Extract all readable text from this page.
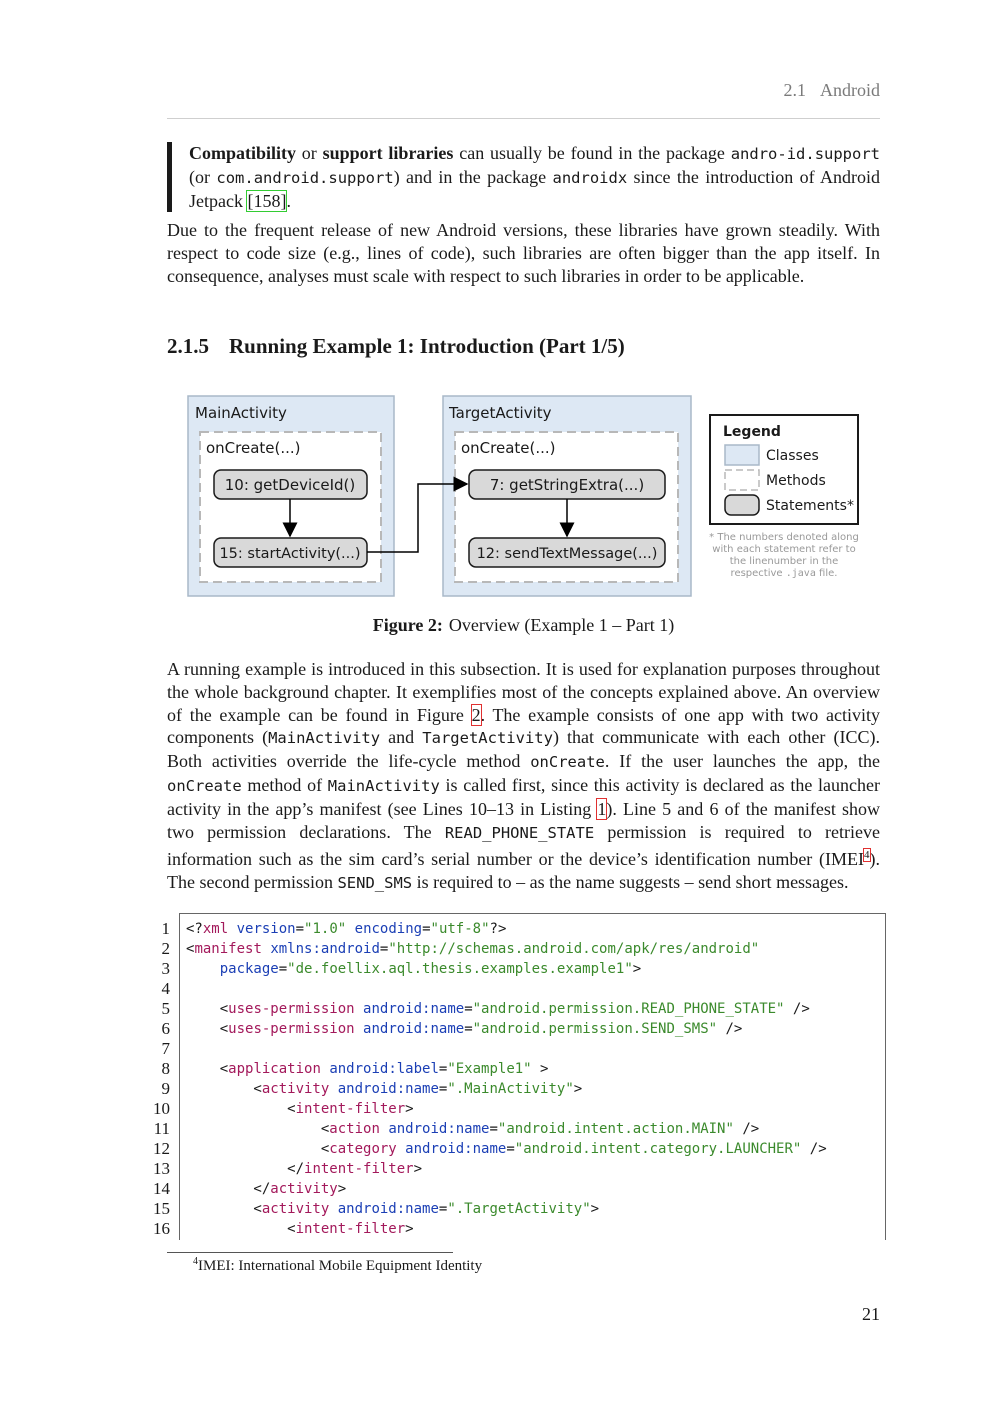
2.1 Android
Compatibility or support libraries can usually be found in the package andro-id.support (or com.android.support) and in the package androidx since the introduction of Android Jetpack [158].
Due to the frequent release of new Android versions, these libraries have grown steadily. With respect to code size (e.g., lines of code), such libraries are often bigger than the app itself. In consequence, analyses must scale with respect to such libraries in order to be applicable.
2.1.5 Running Example 1: Introduction (Part 1/5)
MainActivity
onCreate(...)
10: getDeviceId()
15: startActivity(...)
TargetActivity
onCreate(...)
7: getStringExtra(...)
12: sendTextMessage(...)
Legend
Classes
Methods
Statements*
* The numbers denoted along
with each statement refer to
the linenumber in the
respective .java file.
Figure 2: Overview (Example 1 – Part 1)
A running example is introduced in this subsection. It is used for explanation purposes throughout the whole background chapter. It exemplifies most of the concepts explained above. An overview of the example can be found in Figure 2. The example consists of one app with two activity components (MainActivity and TargetActivity) that communicate with each other (ICC). Both activities override the life-cycle method onCreate. If the user launches the app, the onCreate method of MainActivity is called first, since this activity is declared as the launcher activity in the app’s manifest (see Lines 10–13 in Listing 1). Line 5 and 6 of the manifest show two permission declarations. The READ_PHONE_STATE permission is required to retrieve information such as the sim card’s serial number or the device’s identification number (IMEI$^4$). The second permission SEND_SMS is required to – as the name suggests – send short messages.
1 <?xml version="1.0" encoding="utf-8"?>
2 <manifest xmlns:android="http://schemas.android.com/apk/res/android"
3	package="de.foellix.aql.thesis.examples.example1">
4
5 <uses-permission android:name="android.permission.READ_PHONE_STATE" />
6 <uses-permission android:name="android.permission.SEND_SMS" />
7
8 <application android:label="Example1" >
9 <activity android:name=".MainActivity">
10 <intent-filter>
11 <action android:name="android.intent.action.MAIN" />
12 <category android:name="android.intent.category.LAUNCHER" />
13 </intent-filter>
14 </activity>
15 <activity android:name=".TargetActivity">
16 <intent-filter>
$^4$IMEI: International Mobile Equipment Identity
21
